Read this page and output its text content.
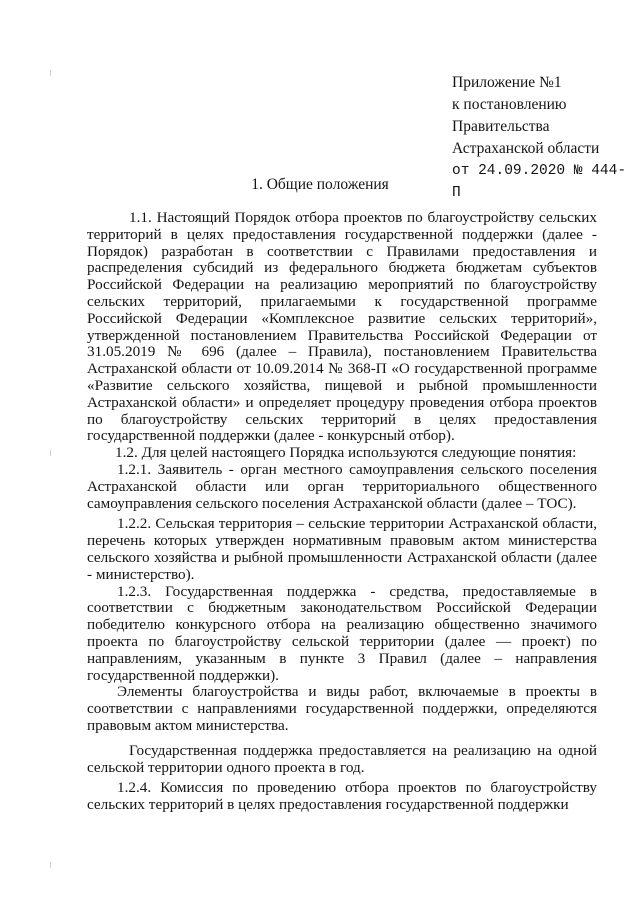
Приложение №1
к постановлению
Правительства
Астраханской области
от 24.09.2020 № 444-П
1. Общие положения

1.1. Настоящий Порядок отбора проектов по благоустройству сельских территорий в целях предоставления государственной поддержки (далее - Порядок) разработан в соответствии с Правилами предоставления и распределения субсидий из федерального бюджета бюджетам субъектов Российской Федерации на реализацию мероприятий по благоустройству сельских территорий, прилагаемыми к государственной программе Российской Федерации «Комплексное развитие сельских территорий», утвержденной постановлением Правительства Российской Федерации от 31.05.2019 № 696 (далее – Правила), постановлением Правительства Астраханской области от 10.09.2014 № 368-П «О государственной программе «Развитие сельского хозяйства, пищевой и рыбной промышленности Астраханской области» и определяет процедуру проведения отбора проектов по благоустройству сельских территорий в целях предоставления государственной поддержки (далее - конкурсный отбор).

1.2. Для целей настоящего Порядка используются следующие понятия:

1.2.1. Заявитель - орган местного самоуправления сельского поселения Астраханской области или орган территориального общественного самоуправления сельского поселения Астраханской области (далее – ТОС).

1.2.2. Сельская территория – сельские территории Астраханской области, перечень которых утвержден нормативным правовым актом министерства сельского хозяйства и рыбной промышленности Астраханской области (далее - министерство).

1.2.3. Государственная поддержка - средства, предоставляемые в соответствии с бюджетным законодательством Российской Федерации победителю конкурсного отбора на реализацию общественно значимого проекта по благоустройству сельской территории (далее — проект) по направлениям, указанным в пункте 3 Правил (далее – направления государственной поддержки).

Элементы благоустройства и виды работ, включаемые в проекты в соответствии с направлениями государственной поддержки, определяются правовым актом министерства.

Государственная поддержка предоставляется на реализацию на одной сельской территории одного проекта в год.

1.2.4. Комиссия по проведению отбора проектов по благоустройству сельских территорий в целях предоставления государственной поддержки
